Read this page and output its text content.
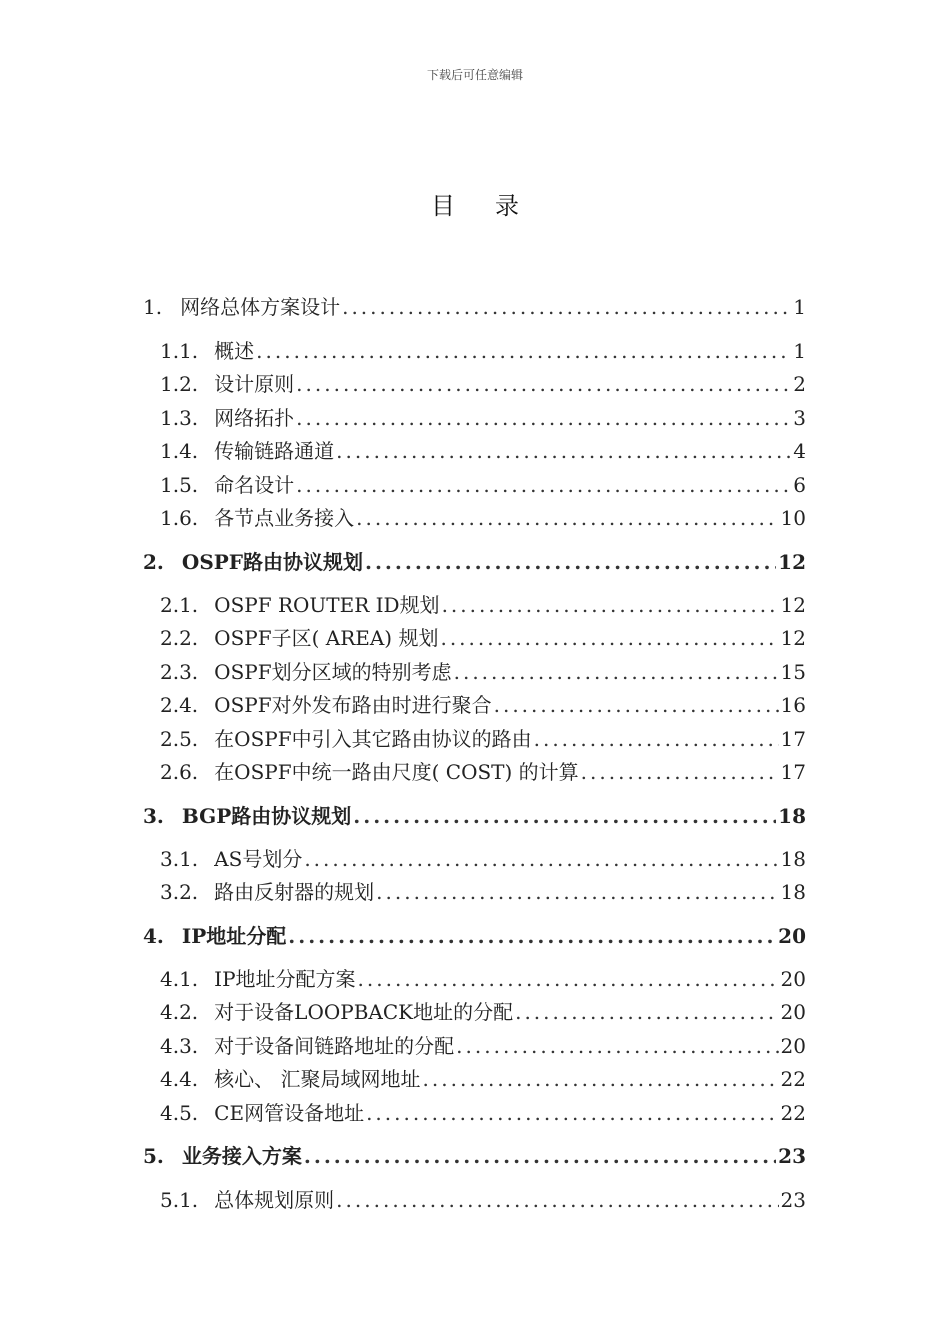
下载后可任意编辑
目录
1. 网络总体方案设计 .....	1
1.1. 概述 .....	1
1.2. 设计原则 .....	2
1.3. 网络拓扑 .....	3
1.4. 传输链路通道 .....	4
1.5. 命名设计 .....	6
1.6. 各节点业务接入 .....	10
2. OSPF路由协议规划 .....	12
2.1. OSPF ROUTER ID规划 .....	12
2.2. OSPF子区( AREA) 规划 .....	12
2.3. OSPF划分区域的特别考虑 .....	15
2.4. OSPF对外发布路由时进行聚合 .....	16
2.5. 在OSPF中引入其它路由协议的路由 .....	17
2.6. 在OSPF中统一路由尺度( COST) 的计算 .....	17
3. BGP路由协议规划 .....	18
3.1. AS号划分 .....	18
3.2. 路由反射器的规划 .....	18
4. IP地址分配 .....	20
4.1. IP地址分配方案 .....	20
4.2. 对于设备LOOPBACK地址的分配 .....	20
4.3. 对于设备间链路地址的分配 .....	20
4.4. 核心、 汇聚局域网地址 .....	22
4.5. CE网管设备地址 .....	22
5. 业务接入方案 .....	23
5.1. 总体规划原则 .....	23
